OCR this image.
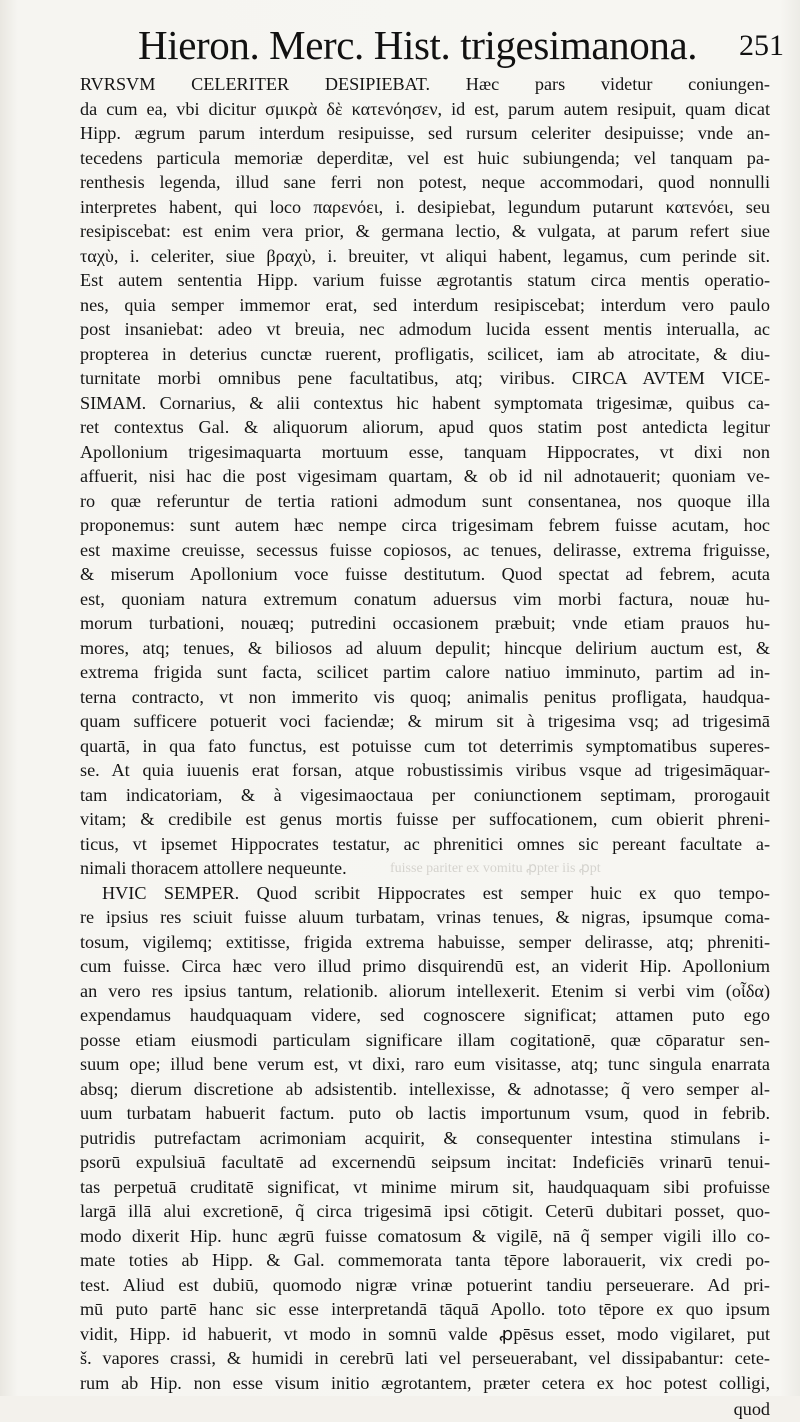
Hieron. Merc. Hist. trigesimanona. 251
fuisse pariter ex vomitu ꝓpter iis ꝓpt
RVRSVM CELERITER DESIPIEBAT. Hæc pars videtur coniungen-
da cum ea, vbi dicitur σμικρὰ δὲ κατενόησεν, id est, parum autem resipuit, quam dicat
Hipp. ægrum parum interdum resipuisse, sed rursum celeriter desipuisse; vnde an-
tecedens particula memoriæ deperditæ, vel est huic subiungenda; vel tanquam pa-
renthesis legenda, illud sane ferri non potest, neque accommodari, quod nonnulli
interpretes habent, qui loco παρενόει, i. desipiebat, legundum putarunt κατενόει, seu
resipiscebat: est enim vera prior, & germana lectio, & vulgata, at parum refert siue
ταχὺ, i. celeriter, siue βραχὺ, i. breuiter, vt aliqui habent, legamus, cum perinde sit.
Est autem sententia Hipp. varium fuisse ægrotantis statum circa mentis operatio-
nes, quia semper immemor erat, sed interdum resipiscebat; interdum vero paulo
post insaniebat: adeo vt breuia, nec admodum lucida essent mentis interualla, ac
propterea in deterius cunctæ ruerent, profligatis, scilicet, iam ab atrocitate, & diu-
turnitate morbi omnibus pene facultatibus, atq; viribus. CIRCA AVTEM VICE-
SIMAM. Cornarius, & alii contextus hic habent symptomata trigesimæ, quibus ca-
ret contextus Gal. & aliquorum aliorum, apud quos statim post antedicta legitur
Apollonium trigesimaquarta mortuum esse, tanquam Hippocrates, vt dixi non
affuerit, nisi hac die post vigesimam quartam, & ob id nil adnotauerit; quoniam ve-
ro quæ referuntur de tertia rationi admodum sunt consentanea, nos quoque illa
proponemus: sunt autem hæc nempe circa trigesimam febrem fuisse acutam, hoc
est maxime creuisse, secessus fuisse copiosos, ac tenues, delirasse, extrema friguisse,
& miserum Apollonium voce fuisse destitutum. Quod spectat ad febrem, acuta
est, quoniam natura extremum conatum aduersus vim morbi factura, nouæ hu-
morum turbationi, nouæq; putredini occasionem præbuit; vnde etiam prauos hu-
mores, atq; tenues, & biliosos ad aluum depulit; hincque delirium auctum est, &
extrema frigida sunt facta, scilicet partim calore natiuo imminuto, partim ad in-
terna contracto, vt non immerito vis quoq; animalis penitus profligata, haudqua-
quam sufficere potuerit voci faciendæ; & mirum sit à trigesima vsq; ad trigesimā
quartā, in qua fato functus, est potuisse cum tot deterrimis symptomatibus superes-
se. At quia iuuenis erat forsan, atque robustissimis viribus vsque ad trigesimāquar-
tam indicatoriam, & à vigesimaoctaua per coniunctionem septimam, prorogauit
vitam; & credibile est genus mortis fuisse per suffocationem, cum obierit phreni-
ticus, vt ipsemet Hippocrates testatur, ac phrenitici omnes sic pereant facultate a-
nimali thoracem attollere nequeunte.
HVIC SEMPER. Quod scribit Hippocrates est semper huic ex quo tempo-
re ipsius res sciuit fuisse aluum turbatam, vrinas tenues, & nigras, ipsumque coma-
tosum, vigilemq; extitisse, frigida extrema habuisse, semper delirasse, atq; phreniti-
cum fuisse. Circa hæc vero illud primo disquirendū est, an viderit Hip. Apollonium
an vero res ipsius tantum, relationib. aliorum intellexerit. Etenim si verbi vim (οἶδα)
expendamus haudquaquam videre, sed cognoscere significat; attamen puto ego
posse etiam eiusmodi particulam significare illam cogitationē, quæ cōparatur sen-
suum ope; illud bene verum est, vt dixi, raro eum visitasse, atq; tunc singula enarrata
absq; dierum discretione ab adsistentib. intellexisse, & adnotasse; q̃ vero semper al-
uum turbatam habuerit factum. puto ob lactis importunum vsum, quod in febrib.
putridis putrefactam acrimoniam acquirit, & consequenter intestina stimulans i-
psorū expulsiuā facultatē ad excernendū seipsum incitat: Indeficiēs vrinarū tenui-
tas perpetuā cruditatē significat, vt minime mirum sit, haudquaquam sibi profuisse
largā illā alui excretionē, q̃ circa trigesimā ipsi cōtigit. Ceterū dubitari posset, quo-
modo dixerit Hip. hunc ægrū fuisse comatosum & vigilē, nā q̃ semper vigili illo co-
mate toties ab Hipp. & Gal. commemorata tanta tēpore laborauerit, vix credi po-
test. Aliud est dubiū, quomodo nigræ vrinæ potuerint tandiu perseuerare. Ad pri-
mū puto partē hanc sic esse interpretandā tāquā Apollo. toto tēpore ex quo ipsum
vidit, Hipp. id habuerit, vt modo in somnū valde ꝓpēsus esset, modo vigilaret, put
š. vapores crassi, & humidi in cerebrū lati vel perseuerabant, vel dissipabantur: cete-
rum ab Hip. non esse visum initio ægrotantem, præter cetera ex hoc potest colligi,
quod
